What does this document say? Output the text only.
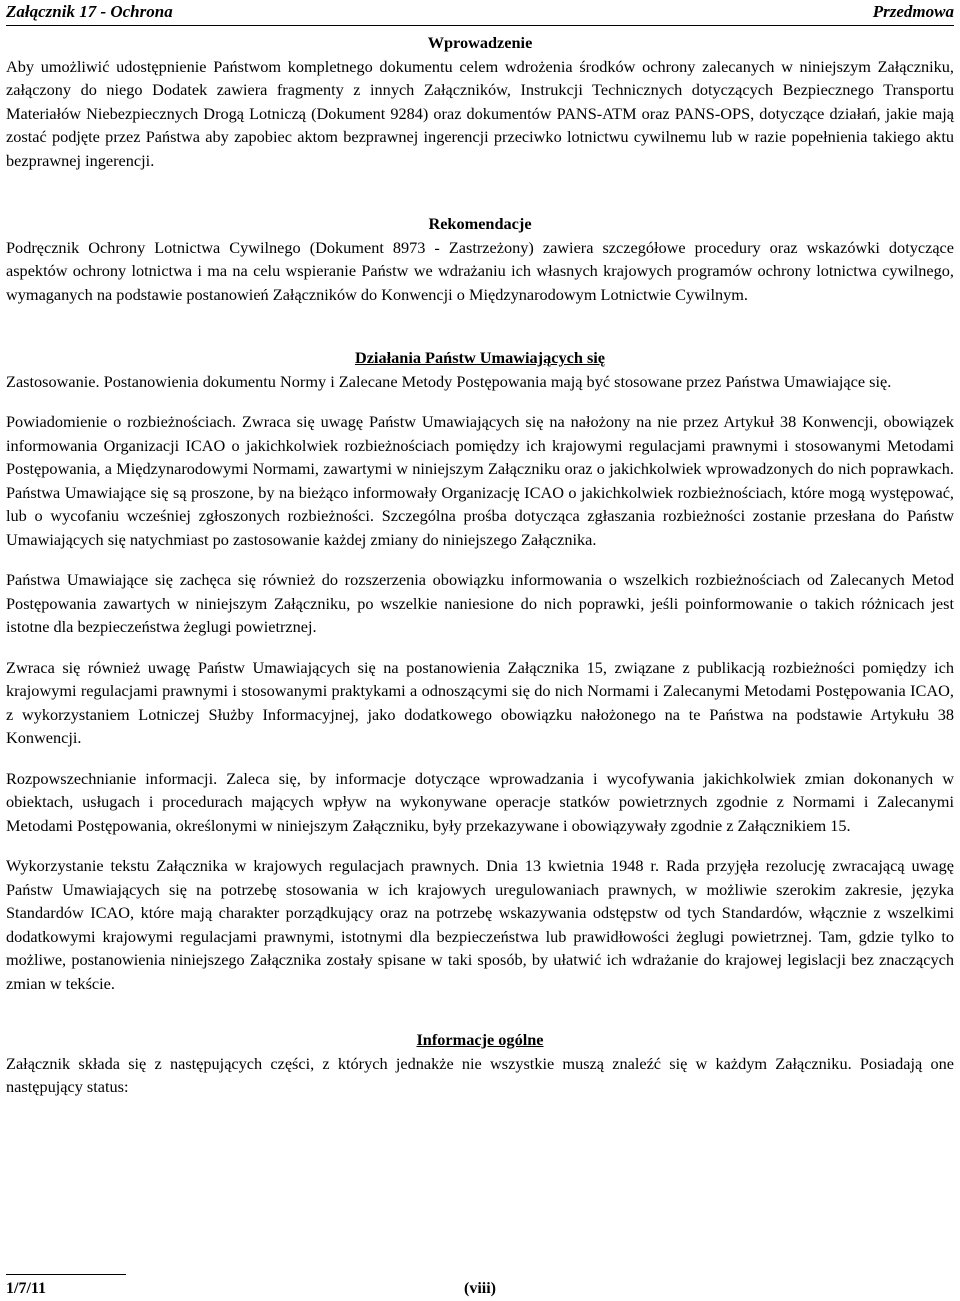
Załącznik 17 - Ochrona	Przedmowa
Wprowadzenie

Aby umożliwić udostępnienie Państwom kompletnego dokumentu celem wdrożenia środków ochrony zalecanych w niniejszym Załączniku, załączony do niego Dodatek zawiera fragmenty z innych Załączników, Instrukcji Technicznych dotyczących Bezpiecznego Transportu Materiałów Niebezpiecznych Drogą Lotniczą (Dokument 9284) oraz dokumentów PANS-ATM oraz PANS-OPS, dotyczące działań, jakie mają zostać podjęte przez Państwa aby zapobiec aktom bezprawnej ingerencji przeciwko lotnictwu cywilnemu lub w razie popełnienia takiego aktu bezprawnej ingerencji.

Rekomendacje

Podręcznik Ochrony Lotnictwa Cywilnego (Dokument 8973 - Zastrzeżony) zawiera szczegółowe procedury oraz wskazówki dotyczące aspektów ochrony lotnictwa i ma na celu wspieranie Państw we wdrażaniu ich własnych krajowych programów ochrony lotnictwa cywilnego, wymaganych na podstawie postanowień Załączników do Konwencji o Międzynarodowym Lotnictwie Cywilnym.

Działania Państw Umawiających się

Zastosowanie. Postanowienia dokumentu Normy i Zalecane Metody Postępowania mają być stosowane przez Państwa Umawiające się.

Powiadomienie o rozbieżnościach. Zwraca się uwagę Państw Umawiających się na nałożony na nie przez Artykuł 38 Konwencji, obowiązek informowania Organizacji ICAO o jakichkolwiek rozbieżnościach pomiędzy ich krajowymi regulacjami prawnymi i stosowanymi Metodami Postępowania, a Międzynarodowymi Normami, zawartymi w niniejszym Załączniku oraz o jakichkolwiek wprowadzonych do nich poprawkach. Państwa Umawiające się są proszone, by na bieżąco informowały Organizację ICAO o jakichkolwiek rozbieżnościach, które mogą występować, lub o wycofaniu wcześniej zgłoszonych rozbieżności. Szczególna prośba dotycząca zgłaszania rozbieżności zostanie przesłana do Państw Umawiających się natychmiast po zastosowanie każdej zmiany do niniejszego Załącznika.

Państwa Umawiające się zachęca się również do rozszerzenia obowiązku informowania o wszelkich rozbieżnościach od Zalecanych Metod Postępowania zawartych w niniejszym Załączniku, po wszelkie naniesione do nich poprawki, jeśli poinformowanie o takich różnicach jest istotne dla bezpieczeństwa żeglugi powietrznej.

Zwraca się również uwagę Państw Umawiających się na postanowienia Załącznika 15, związane z publikacją rozbieżności pomiędzy ich krajowymi regulacjami prawnymi i stosowanymi praktykami a odnoszącymi się do nich Normami i Zalecanymi Metodami Postępowania ICAO, z wykorzystaniem Lotniczej Służby Informacyjnej, jako dodatkowego obowiązku nałożonego na te Państwa na podstawie Artykułu 38 Konwencji.

Rozpowszechnianie informacji. Zaleca się, by informacje dotyczące wprowadzania i wycofywania jakichkolwiek zmian dokonanych w obiektach, usługach i procedurach mających wpływ na wykonywane operacje statków powietrznych zgodnie z Normami i Zalecanymi Metodami Postępowania, określonymi w niniejszym Załączniku, były przekazywane i obowiązywały zgodnie z Załącznikiem 15.

Wykorzystanie tekstu Załącznika w krajowych regulacjach prawnych. Dnia 13 kwietnia 1948 r. Rada przyjęła rezolucję zwracającą uwagę Państw Umawiających się na potrzebę stosowania w ich krajowych uregulowaniach prawnych, w możliwie szerokim zakresie, języka Standardów ICAO, które mają charakter porządkujący oraz na potrzebę wskazywania odstępstw od tych Standardów, włącznie z wszelkimi dodatkowymi krajowymi regulacjami prawnymi, istotnymi dla bezpieczeństwa lub prawidłowości żeglugi powietrznej. Tam, gdzie tylko to możliwe, postanowienia niniejszego Załącznika zostały spisane w taki sposób, by ułatwić ich wdrażanie do krajowej legislacji bez znaczących zmian w tekście.

Informacje ogólne

Załącznik składa się z następujących części, z których jednakże nie wszystkie muszą znaleźć się w każdym Załączniku. Posiadają one następujący status:

1/7/11	(viii)
